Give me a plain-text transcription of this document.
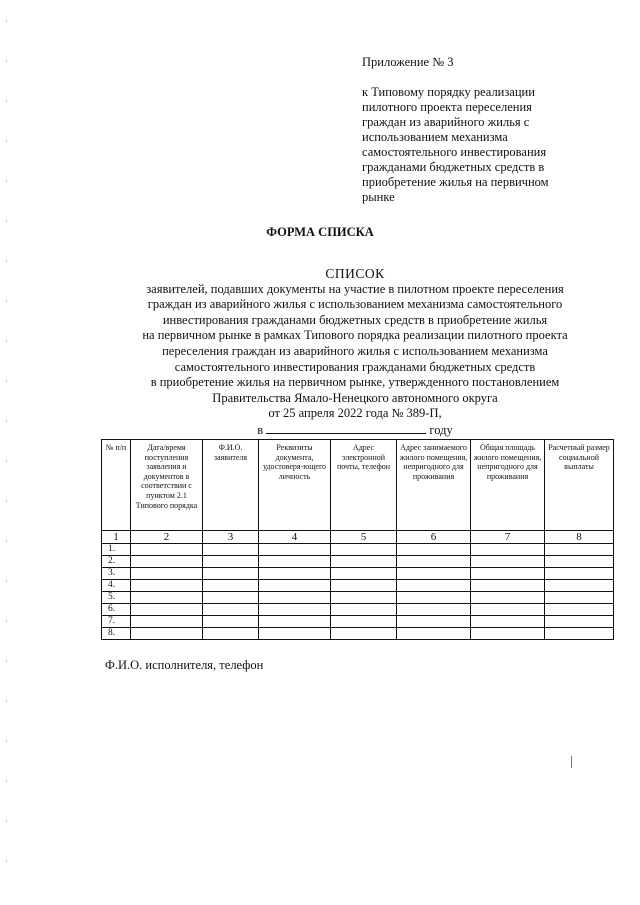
Приложение № 3
к Типовому порядку реализации
пилотного проекта переселения
граждан из аварийного жилья с
использованием механизма
самостоятельного инвестирования
гражданами бюджетных средств в
приобретение жилья на первичном
рынке
ФОРМА СПИСКА
СПИСОК
заявителей, подавших документы на участие в пилотном проекте переселения
граждан из аварийного жилья с использованием механизма самостоятельного
инвестирования гражданами бюджетных средств в приобретение жилья
на первичном рынке в рамках Типового порядка реализации пилотного проекта
переселения граждан из аварийного жилья с использованием механизма
самостоятельного инвестирования гражданами бюджетных средств
в приобретение жилья на первичном рынке, утвержденного постановлением
Правительства Ямало-Ненецкого автономного округа
от 25 апреля 2022 года № 389-П,
в	году
№ п/п	Дата/время поступления заявления и документов в соответствии с пунктом 2.1 Типового порядка	Ф.И.О. заявителя	Реквизиты документа, удостоверя-ющего личность	Адрес электронной почты, телефон	Адрес занимаемого жилого помещения, непригодного для проживания	Общая площадь жилого помещения, непригодного для проживания	Расчетный размер социальной выплаты
1	2	3	4	5	6	7	8
1.							
2.							
3.							
4.							
5.							
6.							
7.							
8.							
Ф.И.О. исполнителя, телефон
